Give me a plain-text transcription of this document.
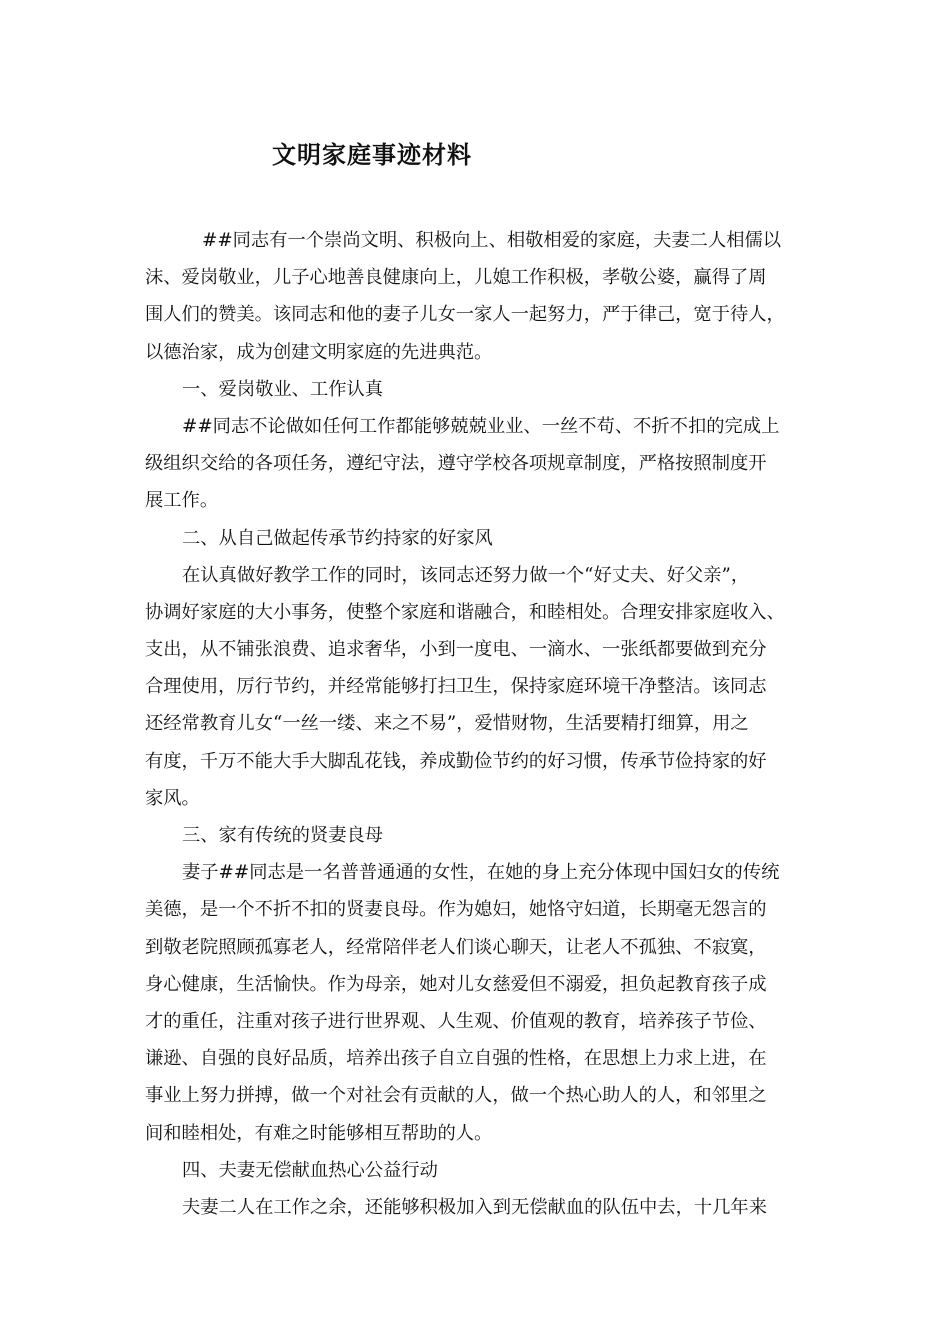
文明家庭事迹材料
##同志有一个崇尚文明、积极向上、相敬相爱的家庭，夫妻二人相儒以
沫、爱岗敬业，儿子心地善良健康向上，儿媳工作积极，孝敬公婆，赢得了周
围人们的赞美。该同志和他的妻子儿女一家人一起努力，严于律己，宽于待人，
以德治家，成为创建文明家庭的先进典范。
一、爱岗敬业、工作认真
##同志不论做如任何工作都能够兢兢业业、一丝不苟、不折不扣的完成上
级组织交给的各项任务，遵纪守法，遵守学校各项规章制度，严格按照制度开
展工作。
二、从自己做起传承节约持家的好家风
在认真做好教学工作的同时，该同志还努力做一个“好丈夫、好父亲”，
协调好家庭的大小事务，使整个家庭和谐融合，和睦相处。合理安排家庭收入、
支出，从不铺张浪费、追求奢华，小到一度电、一滴水、一张纸都要做到充分
合理使用，厉行节约，并经常能够打扫卫生，保持家庭环境干净整洁。该同志
还经常教育儿女“一丝一缕、来之不易”，爱惜财物，生活要精打细算，用之
有度，千万不能大手大脚乱花钱，养成勤俭节约的好习惯，传承节俭持家的好
家风。
三、家有传统的贤妻良母
妻子##同志是一名普普通通的女性，在她的身上充分体现中国妇女的传统
美德，是一个不折不扣的贤妻良母。作为媳妇，她恪守妇道，长期毫无怨言的
到敬老院照顾孤寡老人，经常陪伴老人们谈心聊天，让老人不孤独、不寂寞，
身心健康，生活愉快。作为母亲，她对儿女慈爱但不溺爱，担负起教育孩子成
才的重任，注重对孩子进行世界观、人生观、价值观的教育，培养孩子节俭、
谦逊、自强的良好品质，培养出孩子自立自强的性格，在思想上力求上进，在
事业上努力拼搏，做一个对社会有贡献的人，做一个热心助人的人，和邻里之
间和睦相处，有难之时能够相互帮助的人。
四、夫妻无偿献血热心公益行动
夫妻二人在工作之余，还能够积极加入到无偿献血的队伍中去，十几年来
